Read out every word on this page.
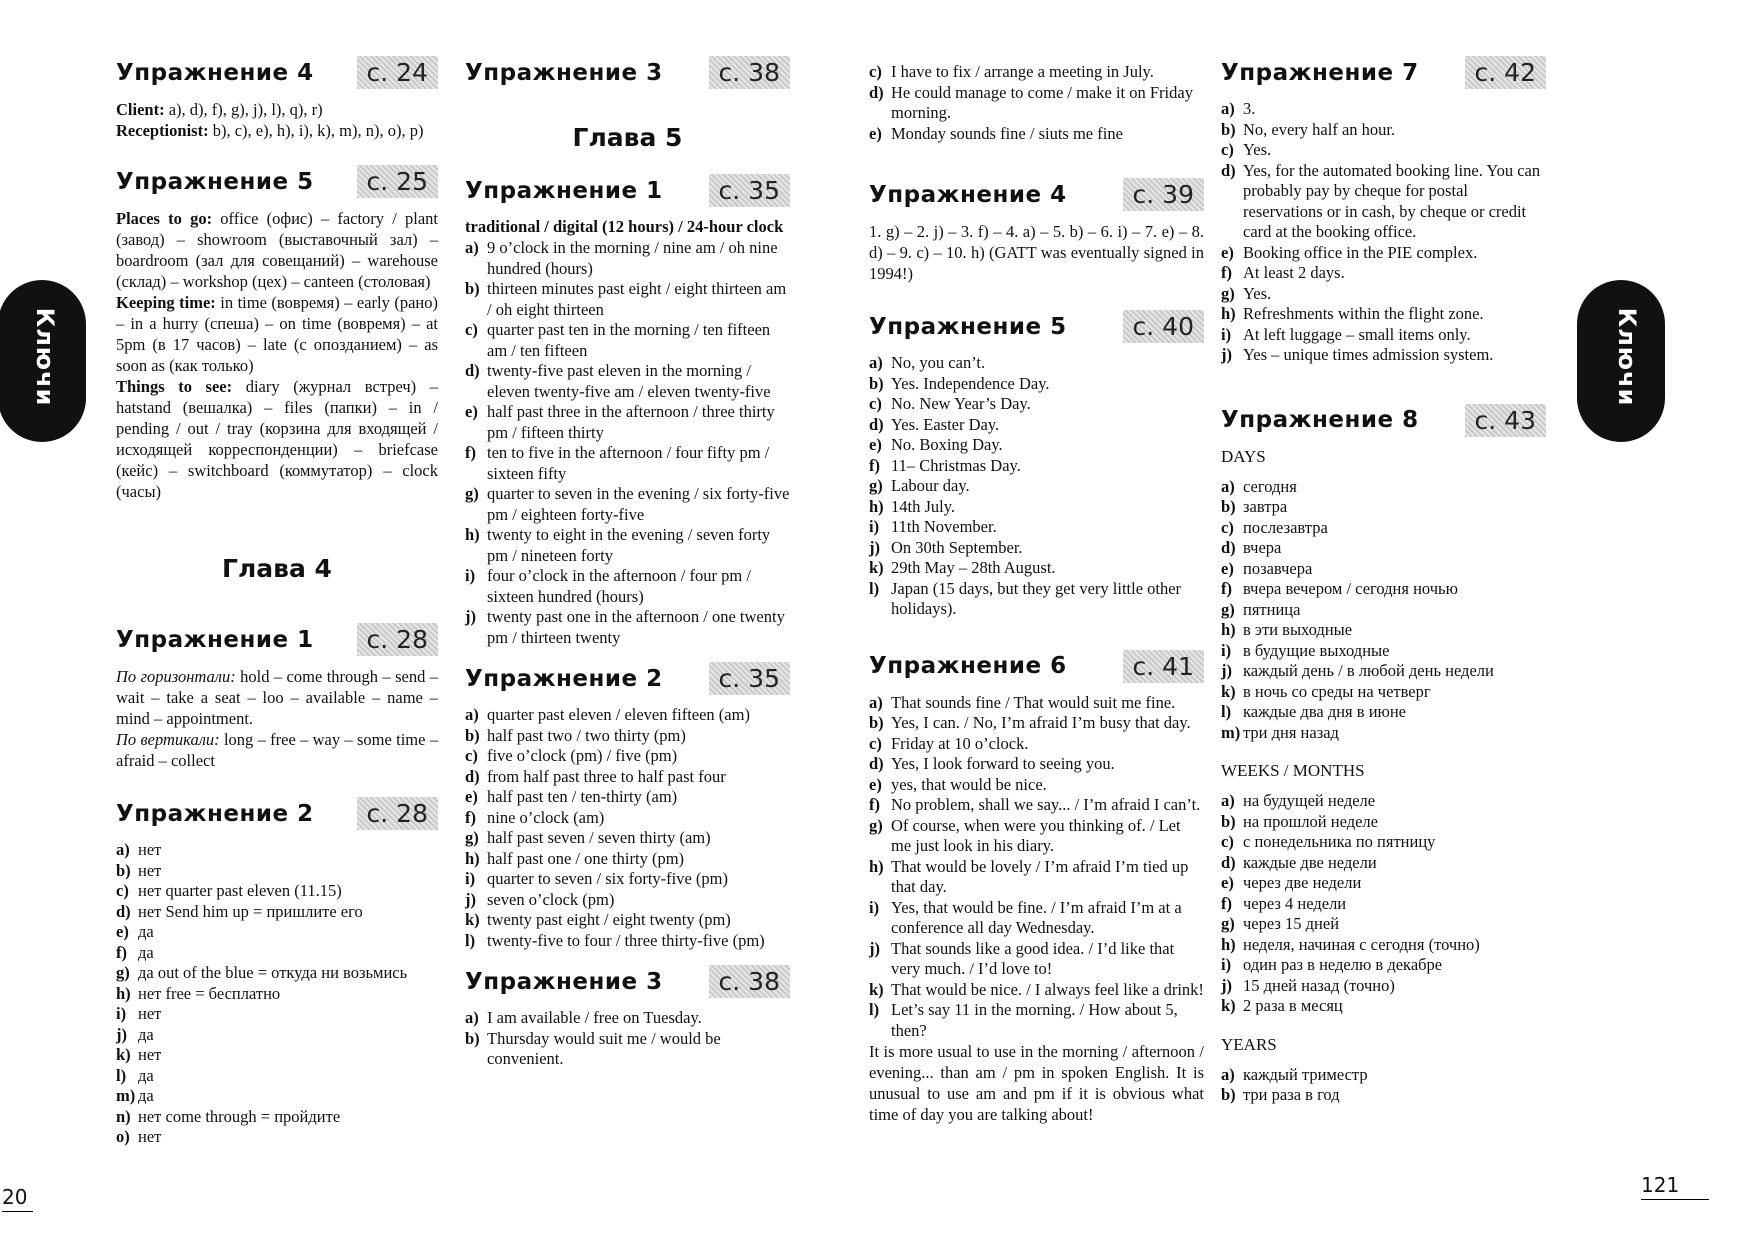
Ключи	Ключи
Упражнение 4	с. 24

Client: a), d), f), g), j), l), q), r)

Receptionist: b), c), e), h), i), k), m), n), o), p)

Упражнение 5	с. 25

Places to go: office (офис) – factory / plant (завод) – showroom (выставочный зал) – boardroom (зал для совещаний) – warehouse (склад) – workshop (цех) – canteen (столовая)

Keeping time: in time (вовремя) – early (рано) – in a hurry (спеша) – on time (вовремя) – at 5pm (в 17 часов) – late (с опозданием) – as soon as (как только)

Things to see: diary (журнал встреч) – hatstand (вешалка) – files (папки) – in / pending / out / tray (корзина для входящей / исходящей корреспонденции) – briefcase (кейс) – switchboard (коммутатор) – clock (часы)

Глава 4
Упражнение 1	с. 28

По горизонтали: hold – come through – send – wait – take a seat – loo – available – name – mind – appointment.

По вертикали: long – free – way – some time – afraid – collect

Упражнение 2	с. 28
a) нет
b) нет
c) нет quarter past eleven (11.15)
d) нет Send him up = пришлите его
e) да
f) да
g) да out of the blue = откуда ни возьмись
h) нет free = бесплатно
i) нет
j) да
k) нет
l) да
m) да
n) нет come through = пройдите
o) нет
Упражнение 3	с. 38

Глава 5
Упражнение 1	с. 35

traditional / digital (12 hours) / 24-hour clock

a) 9 o’clock in the morning / nine am / oh nine hundred (hours)
b) thirteen minutes past eight / eight thirteen am / oh eight thirteen
c) quarter past ten in the morning / ten fifteen am / ten fifteen
d) twenty-five past eleven in the morning / eleven twenty-five am / eleven twenty-five
e) half past three in the afternoon / three thirty pm / fifteen thirty
f) ten to five in the afternoon / four fifty pm / sixteen fifty
g) quarter to seven in the evening / six forty-five pm / eighteen forty-five
h) twenty to eight in the evening / seven forty pm / nineteen forty
i) four o’clock in the afternoon / four pm / sixteen hundred (hours)
j) twenty past one in the afternoon / one twenty pm / thirteen twenty
Упражнение 2	с. 35
a) quarter past eleven / eleven fifteen (am)
b) half past two / two thirty (pm)
c) five o’clock (pm) / five (pm)
d) from half past three to half past four
e) half past ten / ten-thirty (am)
f) nine o’clock (am)
g) half past seven / seven thirty (am)
h) half past one / one thirty (pm)
i) quarter to seven / six forty-five (pm)
j) seven o’clock (pm)
k) twenty past eight / eight twenty (pm)
l) twenty-five to four / three thirty-five (pm)
Упражнение 3	с. 38
a) I am available / free on Tuesday.
b) Thursday would suit me / would be convenient.
c) I have to fix / arrange a meeting in July.
d) He could manage to come / make it on Friday morning.
e) Monday sounds fine / siuts me fine
Упражнение 4	с. 39

1. g) – 2. j) – 3. f) – 4. a) – 5. b) – 6. i) – 7. e) – 8. d) – 9. c) – 10. h) (GATT was eventually signed in 1994!)

Упражнение 5	с. 40
a) No, you can’t.
b) Yes. Independence Day.
c) No. New Year’s Day.
d) Yes. Easter Day.
e) No. Boxing Day.
f) 11– Christmas Day.
g) Labour day.
h) 14th July.
i) 11th November.
j) On 30th September.
k) 29th May – 28th August.
l) Japan (15 days, but they get very little other holidays).
Упражнение 6	с. 41
a) That sounds fine / That would suit me fine.
b) Yes, I can. / No, I’m afraid I’m busy that day.
c) Friday at 10 o’clock.
d) Yes, I look forward to seeing you.
e) yes, that would be nice.
f) No problem, shall we say... / I’m afraid I can’t.
g) Of course, when were you thinking of. / Let me just look in his diary.
h) That would be lovely / I’m afraid I’m tied up that day.
i) Yes, that would be fine. / I’m afraid I’m at a conference all day Wednesday.
j) That sounds like a good idea. / I’d like that very much. / I’d love to!
k) That would be nice. / I always feel like a drink!
l) Let’s say 11 in the morning. / How about 5, then?

It is more usual to use in the morning / afternoon / evening... than am / pm in spoken English. It is unusual to use am and pm if it is obvious what time of day you are talking about!

Упражнение 7	с. 42
a) 3.
b) No, every half an hour.
c) Yes.
d) Yes, for the automated booking line. You can probably pay by cheque for postal reservations or in cash, by cheque or credit card at the booking office.
e) Booking office in the PIE complex.
f) At least 2 days.
g) Yes.
h) Refreshments within the flight zone.
i) At left luggage – small items only.
j) Yes – unique times admission system.
Упражнение 8	с. 43

DAYS

a) сегодня
b) завтра
c) послезавтра
d) вчера
e) позавчера
f) вчера вечером / сегодня ночью
g) пятница
h) в эти выходные
i) в будущие выходные
j) каждый день / в любой день недели
k) в ночь со среды на четверг
l) каждые два дня в июне
m) три дня назад

WEEKS / MONTHS

a) на будущей неделе
b) на прошлой неделе
c) с понедельника по пятницу
d) каждые две недели
e) через две недели
f) через 4 недели
g) через 15 дней
h) неделя, начиная с сегодня (точно)
i) один раз в неделю в декабре
j) 15 дней назад (точно)
k) 2 раза в месяц

YEARS

a) каждый триместр
b) три раза в год
20	121
